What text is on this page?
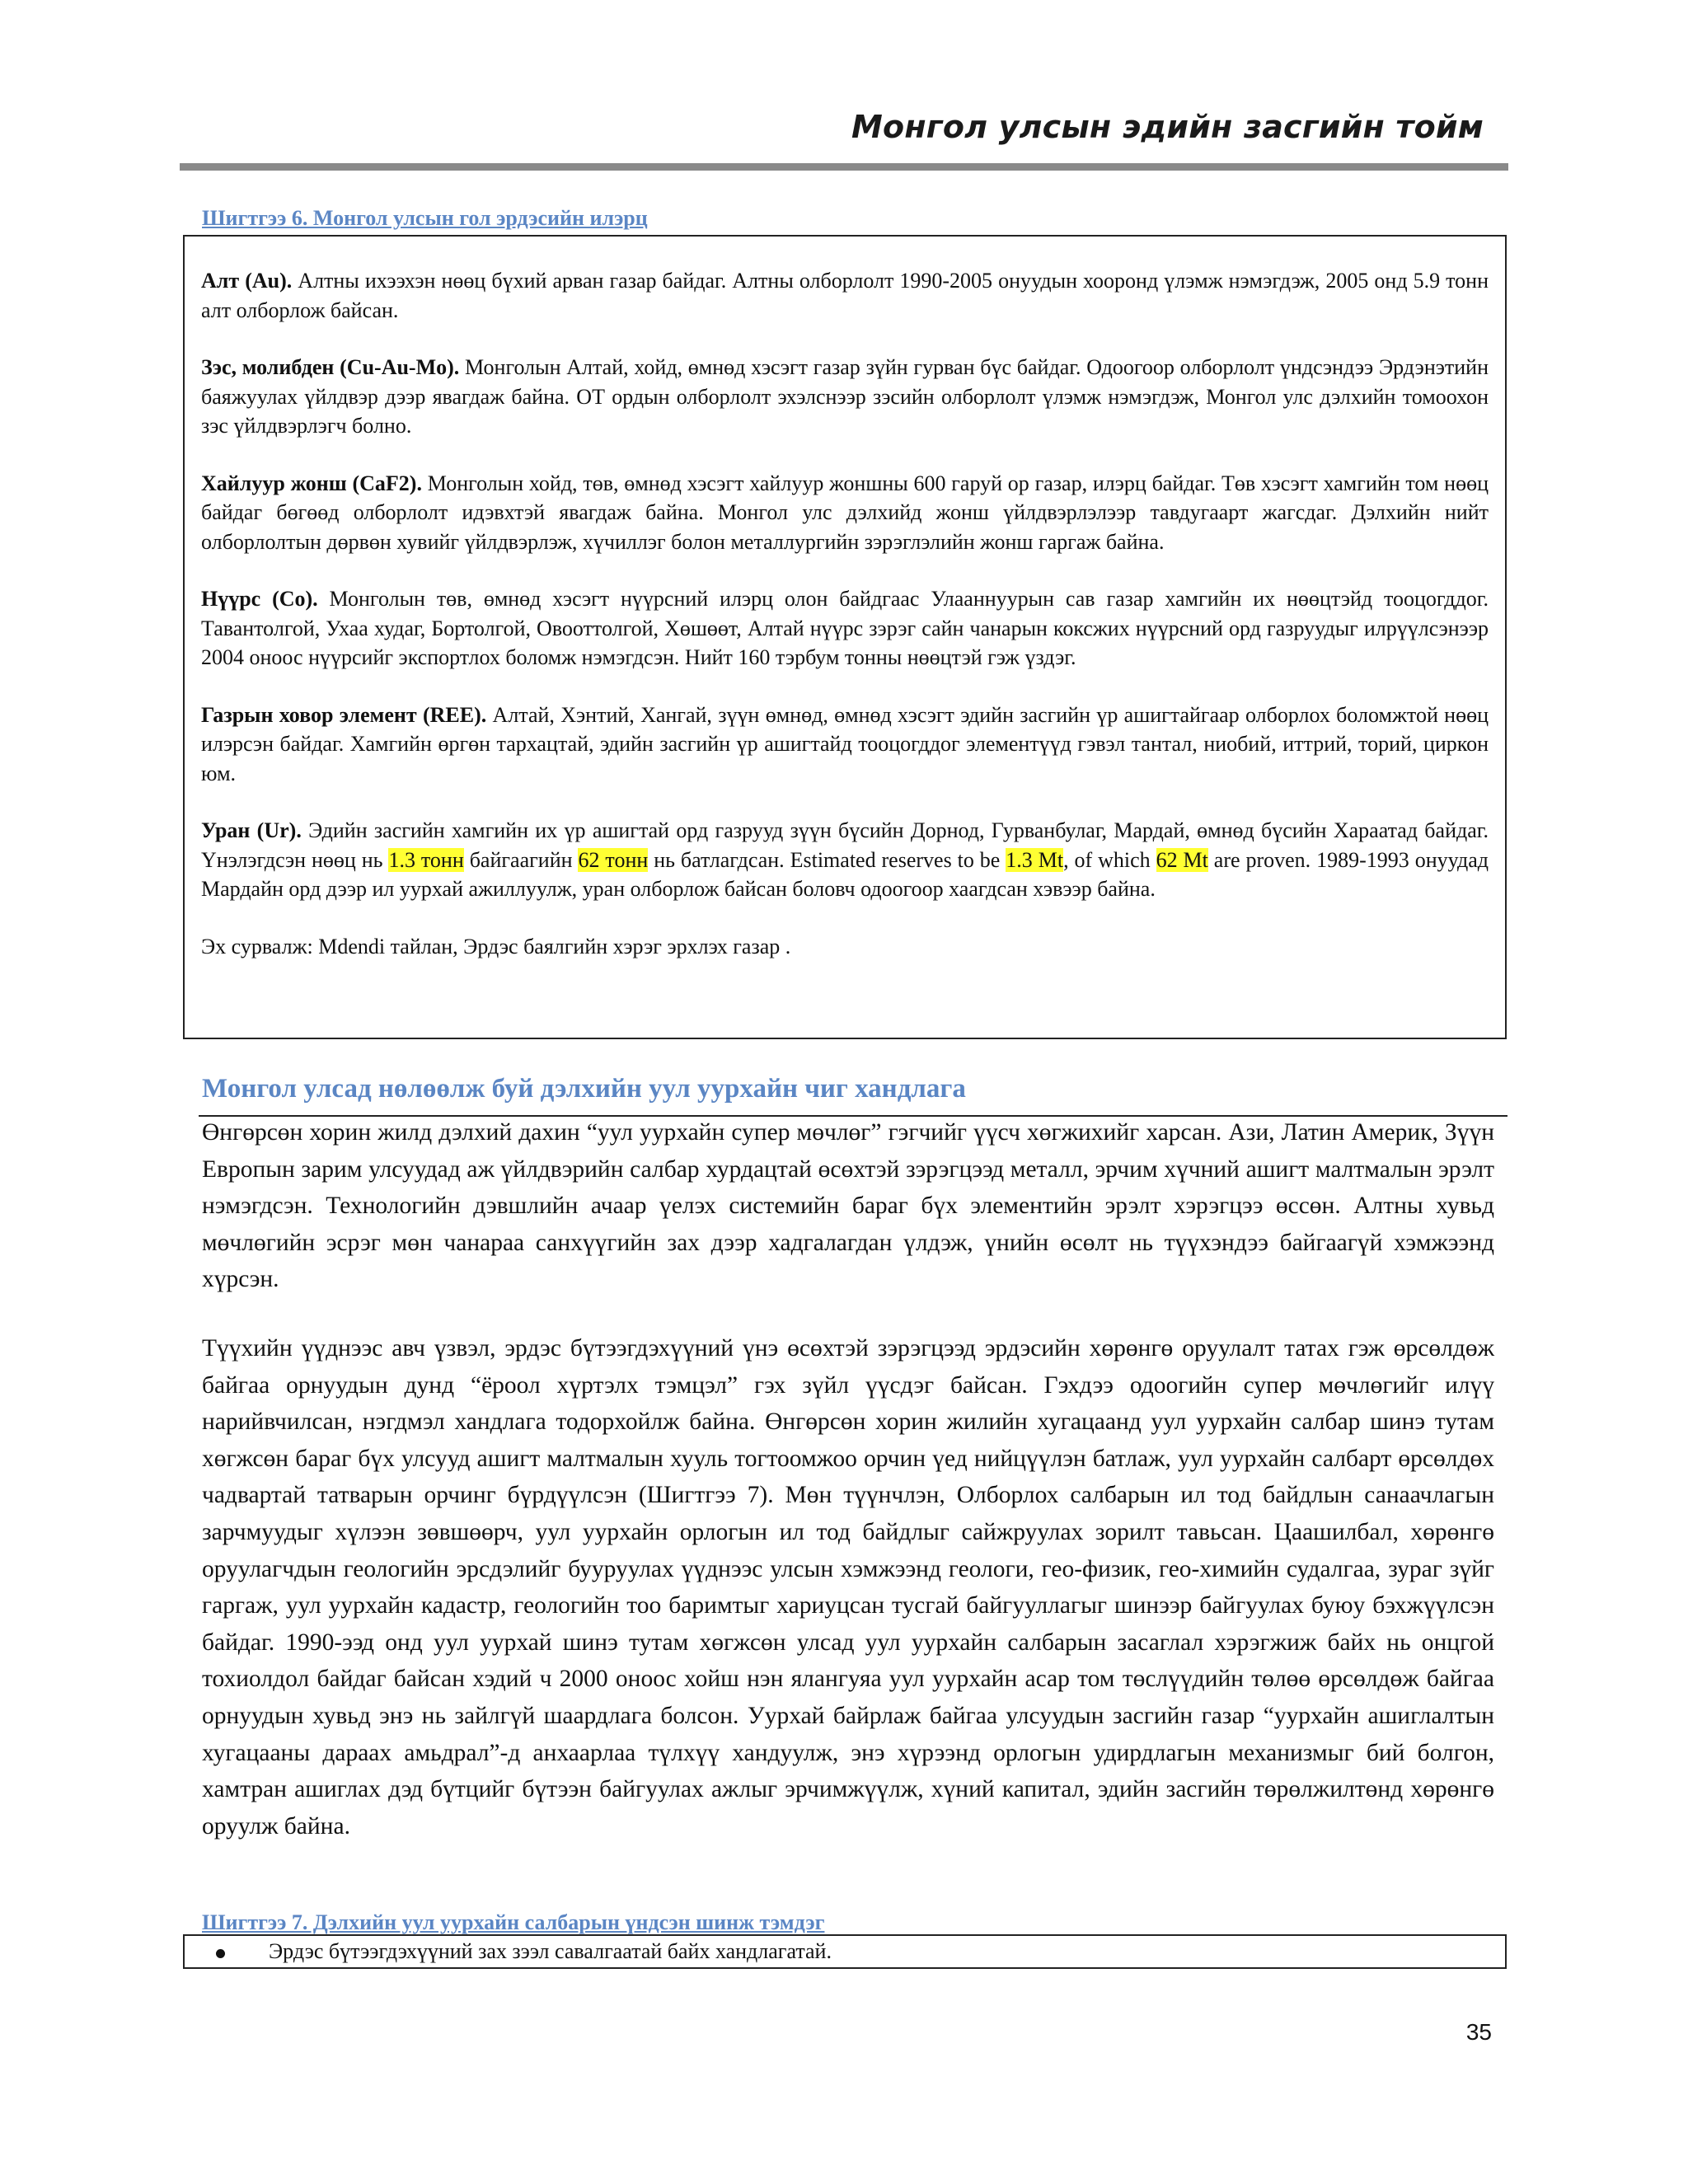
Монгол улсын эдийн засгийн тойм
Шигтгээ 6. Монгол улсын гол эрдэсийн илэрц

Алт (Au). Алтны ихээхэн нөөц бүхий арван газар байдаг. Алтны олборлолт 1990-2005 онуудын хооронд үлэмж нэмэгдэж, 2005 онд 5.9 тонн алт олборлож байсан.

Зэс, молибден (Cu-Au-Mo). Монголын Алтай, хойд, өмнөд хэсэгт газар зүйн гурван бүс байдаг. Одоогоор олборлолт үндсэндээ Эрдэнэтийн баяжуулах үйлдвэр дээр явагдаж байна. ОТ ордын олборлолт эхэлснээр зэсийн олборлолт үлэмж нэмэгдэж, Монгол улс дэлхийн томоохон зэс үйлдвэрлэгч болно.

Хайлуур жонш (CaF2). Монголын хойд, төв, өмнөд хэсэгт хайлуур жоншны 600 гаруй ор газар, илэрц байдаг. Төв хэсэгт хамгийн том нөөц байдаг бөгөөд олборлолт идэвхтэй явагдаж байна. Монгол улс дэлхийд жонш үйлдвэрлэлээр тавдугаарт жагсдаг. Дэлхийн нийт олборлолтын дөрвөн хувийг үйлдвэрлэж, хүчиллэг болон металлургийн зэрэглэлийн жонш гаргаж байна.

Нүүрс (Co). Монголын төв, өмнөд хэсэгт нүүрсний илэрц олон байдгаас Улааннуурын сав газар хамгийн их нөөцтэйд тооцогддог. Тавантолгой, Ухаа худаг, Бортолгой, Овооттолгой, Хөшөөт, Алтай нүүрс зэрэг сайн чанарын коксжих нүүрсний орд газруудыг илрүүлсэнээр 2004 оноос нүүрсийг экспортлох боломж нэмэгдсэн. Нийт 160 тэрбум тонны нөөцтэй гэж үздэг.

Газрын ховор элемент (REE). Алтай, Хэнтий, Хангай, зүүн өмнөд, өмнөд хэсэгт эдийн засгийн үр ашигтайгаар олборлох боломжтой нөөц илэрсэн байдаг. Хамгийн өргөн тархацтай, эдийн засгийн үр ашигтайд тооцогддог элементүүд гэвэл тантал, ниобий, иттрий, торий, циркон юм.

Уран (Ur). Эдийн засгийн хамгийн их үр ашигтай орд газрууд зүүн бүсийн Дорнод, Гурванбулаг, Мардай, өмнөд бүсийн Хараатад байдаг. Үнэлэгдсэн нөөц нь 1.3 тонн байгаагийн 62 тонн нь батлагдсан. Estimated reserves to be 1.3 Mt, of which 62 Mt are proven. 1989-1993 онуудад Мардайн орд дээр ил уурхай ажиллуулж, уран олборлож байсан боловч одоогоор хаагдсан хэвээр байна.

Эх сурвалж: Mdendi тайлан, Эрдэс баялгийн хэрэг эрхлэх газар .

Монгол улсад нөлөөлж буй дэлхийн уул уурхайн чиг хандлага

Өнгөрсөн хорин жилд дэлхий дахин “уул уурхайн супер мөчлөг” гэгчийг үүсч хөгжихийг харсан. Ази, Латин Америк, Зүүн Европын зарим улсуудад аж үйлдвэрийн салбар хурдацтай өсөхтэй зэрэгцээд металл, эрчим хүчний ашигт малтмалын эрэлт нэмэгдсэн. Технологийн дэвшлийн ачаар үелэх системийн бараг бүх элементийн эрэлт хэрэгцээ өссөн. Алтны хувьд мөчлөгийн эсрэг мөн чанараа санхүүгийн зах дээр хадгалагдан үлдэж, үнийн өсөлт нь түүхэндээ байгаагүй хэмжээнд хүрсэн.

Түүхийн үүднээс авч үзвэл, эрдэс бүтээгдэхүүний үнэ өсөхтэй зэрэгцээд эрдэсийн хөрөнгө оруулалт татах гэж өрсөлдөж байгаа орнуудын дунд “ёроол хүртэлх тэмцэл” гэх зүйл үүсдэг байсан. Гэхдээ одоогийн супер мөчлөгийг илүү нарийвчилсан, нэгдмэл хандлага тодорхойлж байна. Өнгөрсөн хорин жилийн хугацаанд уул уурхайн салбар шинэ тутам хөгжсөн бараг бүх улсууд ашигт малтмалын хууль тогтоомжоо орчин үед нийцүүлэн батлаж, уул уурхайн салбарт өрсөлдөх чадвартай татварын орчинг бүрдүүлсэн (Шигтгээ 7). Мөн түүнчлэн, Олборлох салбарын ил тод байдлын санаачлагын зарчмуудыг хүлээн зөвшөөрч, уул уурхайн орлогын ил тод байдлыг сайжруулах зорилт тавьсан. Цаашилбал, хөрөнгө оруулагчдын геологийн эрсдэлийг бууруулах үүднээс улсын хэмжээнд геологи, гео-физик, гео-химийн судалгаа, зураг зүйг гаргаж, уул уурхайн кадастр, геологийн тоо баримтыг хариуцсан тусгай байгууллагыг шинээр байгуулах буюу бэхжүүлсэн байдаг. 1990-ээд онд уул уурхай шинэ тутам хөгжсөн улсад уул уурхайн салбарын засаглал хэрэгжиж байх нь онцгой тохиолдол байдаг байсан хэдий ч 2000 оноос хойш нэн ялангуяа уул уурхайн асар том төслүүдийн төлөө өрсөлдөж байгаа орнуудын хувьд энэ нь зайлгүй шаардлага болсон. Уурхай байрлаж байгаа улсуудын засгийн газар “уурхайн ашиглалтын хугацааны дараах амьдрал”-д анхаарлаа түлхүү хандуулж, энэ хүрээнд орлогын удирдлагын механизмыг бий болгон, хамтран ашиглах дэд бүтцийг бүтээн байгуулах ажлыг эрчимжүүлж, хүний капитал, эдийн засгийн төрөлжилтөнд хөрөнгө оруулж байна.

Шигтгээ 7. Дэлхийн уул уурхайн салбарын үндсэн шинж тэмдэг
Эрдэс бүтээгдэхүүний зах зээл савалгаатай байх хандлагатай.
35
